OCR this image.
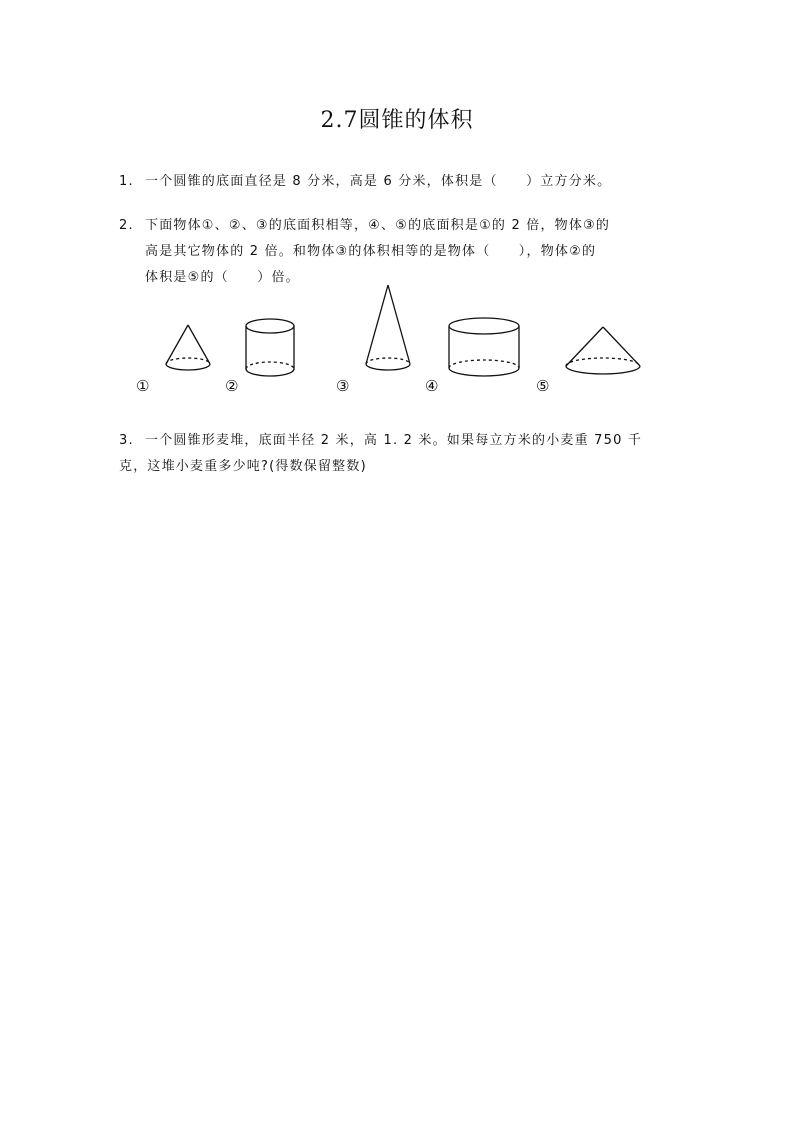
2.7圆锥的体积
1. 一个圆锥的底面直径是 8 分米，高是 6 分米，体积是（　　）立方分米。
2. 下面物体①、②、③的底面积相等，④、⑤的底面积是①的 2 倍，物体③的
高是其它物体的 2 倍。和物体③的体积相等的是物体（　　），物体②的
体积是⑤的（　　）倍。
①	②	③	④	⑤
3. 一个圆锥形麦堆，底面半径 2 米，高 1. 2 米。如果每立方米的小麦重 750 千
克，这堆小麦重多少吨?(得数保留整数)
